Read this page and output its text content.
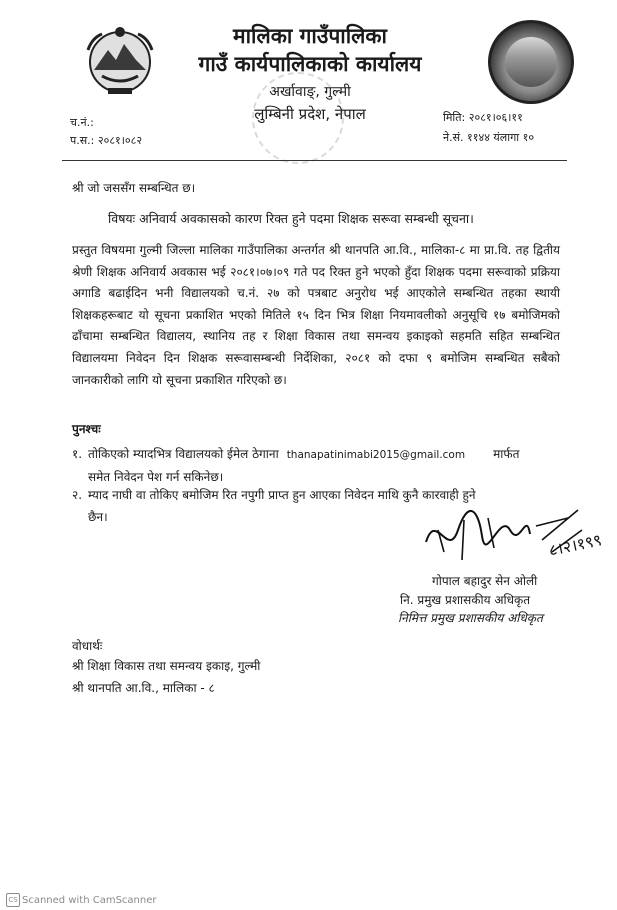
मालिका गाउँपालिका
गाउँ कार्यपालिकाको कार्यालय
अर्खावाङ्, गुल्मी
लुम्बिनी प्रदेश, नेपाल
च.नं.:
प.स.: २०८१।०८२
मिति: २०८१।०६।११
ने.सं. ११४४ यंलागा १०
श्री जो जससँग सम्बन्धित छ।
विषयः अनिवार्य अवकासको कारण रिक्त हुने पदमा शिक्षक सरूवा सम्बन्धी सूचना।

प्रस्तुत विषयमा गुल्मी जिल्ला मालिका गाउँपालिका अन्तर्गत श्री थानपति आ.वि., मालिका-८ मा प्रा.वि. तह द्वितीय श्रेणी शिक्षक अनिवार्य अवकास भई २०८१।०७।०९ गते पद रिक्त हुने भएको हुँदा शिक्षक पदमा सरूवाको प्रक्रिया अगाडि बढाईदिन भनी विद्यालयको च.नं. २७ को पत्रबाट अनुरोध भई आएकोले सम्बन्धित तहका स्थायी शिक्षकहरूबाट यो सूचना प्रकाशित भएको मितिले १५ दिन भित्र शिक्षा नियमावलीको अनुसूचि १७ बमोजिमको ढाँचामा सम्बन्धित विद्यालय, स्थानिय तह र शिक्षा विकास तथा समन्वय इकाइको सहमति सहित सम्बन्धित विद्यालयमा निवेदन दिन शिक्षक सरूवासम्बन्धी निर्देशिका, २०८१ को दफा ९ बमोजिम सम्बन्धित सबैको जानकारीको लागि यो सूचना प्रकाशित गरिएको छ।

पुनश्चः
१. तोकिएको म्यादभित्र विद्यालयको ईमेल ठेगाना thanapatinimabi2015@gmail.com मार्फत
समेत निवेदन पेश गर्न सकिनेछ।
२. म्याद नाघी वा तोकिए बमोजिम रित नपुगी प्राप्त हुन आएका निवेदन माथि कुनै कारवाही हुने
छैन।
८।२।१९९
गोपाल बहादुर सेन ओली
नि. प्रमुख प्रशासकीय अधिकृत
निमित्त प्रमुख प्रशासकीय अधिकृत
वोधार्थः
श्री शिक्षा विकास तथा समन्वय इकाइ, गुल्मी
श्री थानपति आ.वि., मालिका - ८
CS Scanned with CamScanner
